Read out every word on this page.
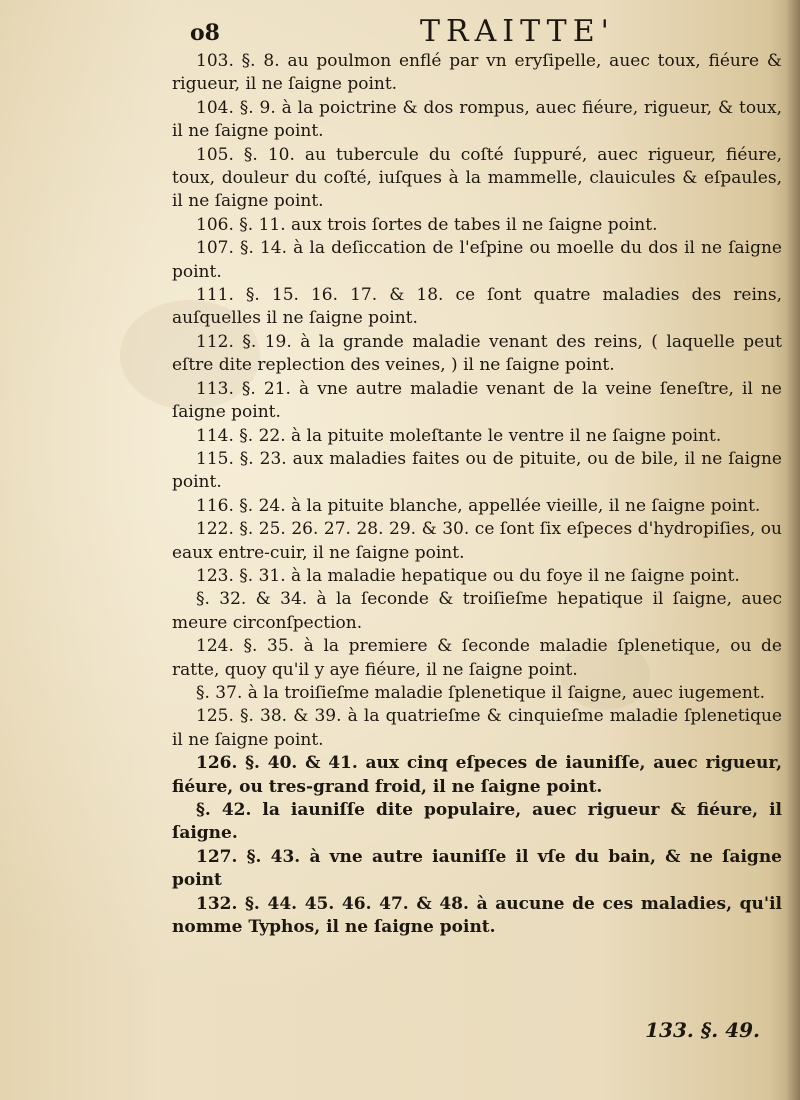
o8	TRAITTE'

103. §. 8. au poulmon enflé par vn eryſipelle, auec toux, fiéure & rigueur, il ne ſaigne point.

104. §. 9. à la poictrine & dos rompus, auec fiéure, rigueur, & toux, il ne ſaigne point.

105. §. 10. au tubercule du coſté ſuppuré, auec rigueur, fiéure, toux, douleur du coſté, iuſques à la mammelle, clauicules & eſpaules, il ne ſaigne point.

106. §. 11. aux trois ſortes de tabes il ne ſaigne point.

107. §. 14. à la deſiccation de l'eſpine ou moelle du dos il ne ſaigne point.

111. §. 15. 16. 17. & 18. ce ſont quatre maladies des reins, auſquelles il ne ſaigne point.

112. §. 19. à la grande maladie venant des reins, ( laquelle peut eſtre dite replection des veines, ) il ne ſaigne point.

113. §. 21. à vne autre maladie venant de la veine ſeneſtre, il ne ſaigne point.

114. §. 22. à la pituite moleſtante le ventre il ne ſaigne point.

115. §. 23. aux maladies faites ou de pituite, ou de bile, il ne ſaigne point.

116. §. 24. à la pituite blanche, appellée vieille, il ne ſaigne point.

122. §. 25. 26. 27. 28. 29. & 30. ce ſont ſix eſpeces d'hydropiſies, ou eaux entre-cuir, il ne ſaigne point.

123. §. 31. à la maladie hepatique ou du foye il ne ſaigne point.

§. 32. & 34. à la ſeconde & troiſieſme hepatique il ſaigne, auec meure circonſpection.

124. §. 35. à la premiere & ſeconde maladie ſplenetique, ou de ratte, quoy qu'il y aye fiéure, il ne ſaigne point.

§. 37. à la troiſieſme maladie ſplenetique il ſaigne, auec iugement.

125. §. 38. & 39. à la quatrieſme & cinquieſme maladie ſplenetique il ne ſaigne point.

126. §. 40. & 41. aux cinq eſpeces de iauniſſe, auec rigueur, fiéure, ou tres-grand froid, il ne ſaigne point.

§. 42. la iauniſſe dite populaire, auec rigueur & fiéure, il ſaigne.

127. §. 43. à vne autre iauniſſe il vſe du bain, & ne ſaigne point

132. §. 44. 45. 46. 47. & 48. à aucune de ces maladies, qu'il nomme Typhos, il ne ſaigne point.

133. §. 49.
